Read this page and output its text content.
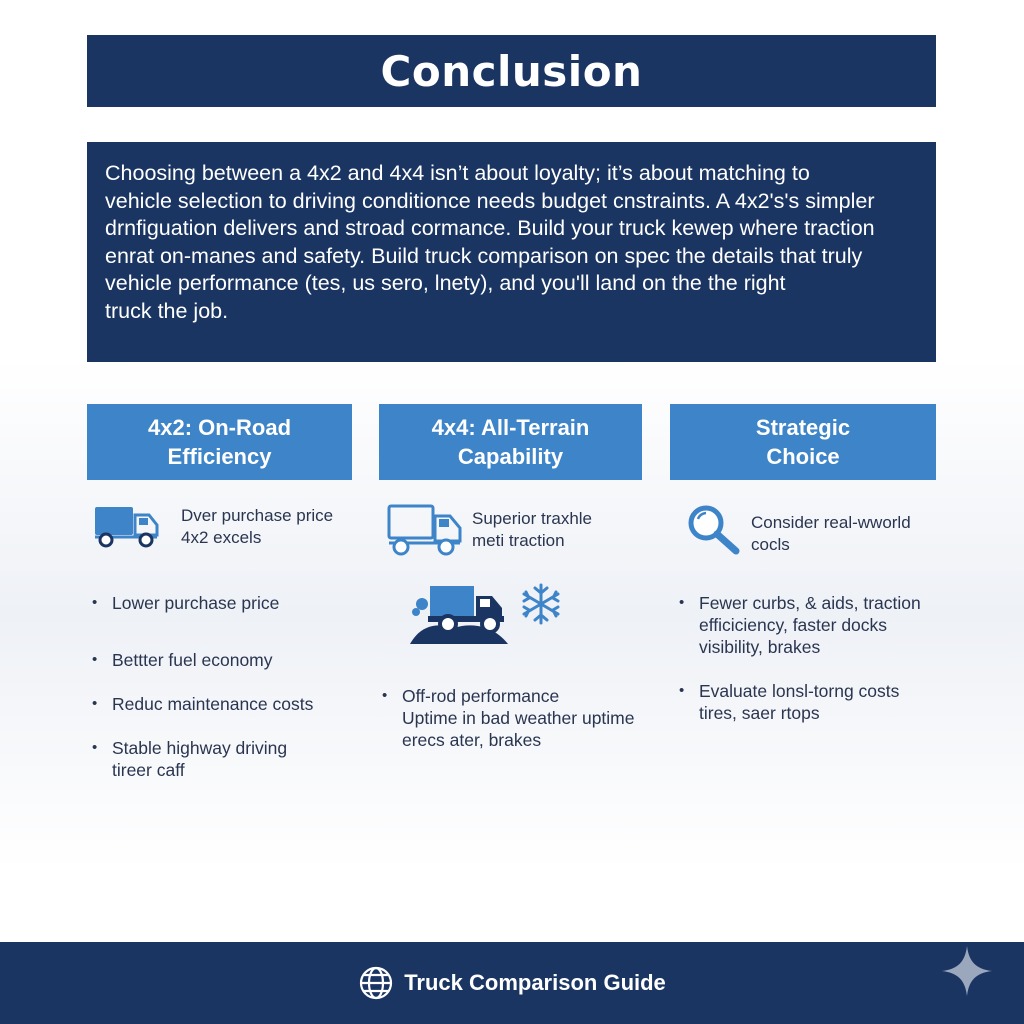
Conclusion

Choosing between a 4x2 and 4x4 isn’t about loyalty; it’s about matching to
vehicle selection to driving conditionce needs budget cnstraints. A 4x2's's simpler
drnfiguation delivers and stroad cormance. Build your truck kewep where traction
enrat on-manes and safety. Build truck comparison on spec the details that truly
vehicle performance (tes, us sero, lnety), and you'll land on the the right
truck the job.

4x2: On-Road
Efficiency
4x4: All-Terrain
Capability
Strategic
Choice
Dver purchase price
4x2 excels
• Lower purchase price
• Bettter fuel economy
• Reduc maintenance costs
• Stable highway driving
tireer caff
Superior traxhle
meti traction
• Off-rod performance
Uptime in bad weather uptime
erecs ater, brakes
Consider real-wworld
cocls
• Fewer curbs, & aids, traction
efficiciency, faster docks
visibility, brakes
• Evaluate lonsl-torng costs
tires, saer rtops
Truck Comparison Guide
